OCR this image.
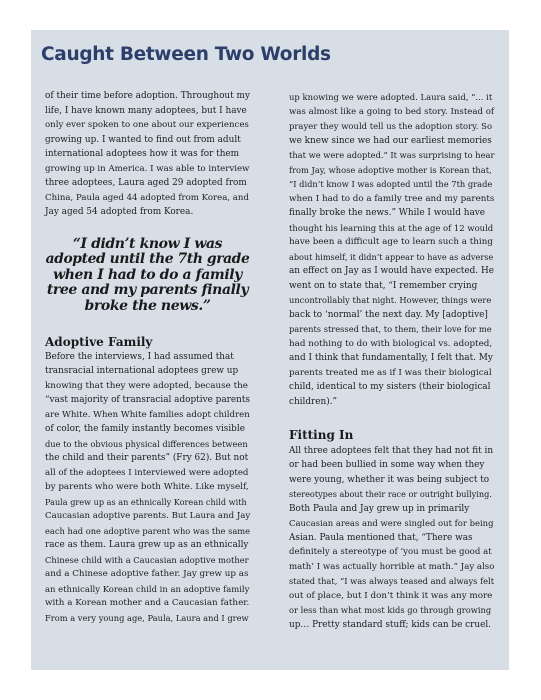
Caught Between Two Worlds

of their time before adoption. Throughout my
life, I have known many adoptees, but I have
only ever spoken to one about our experiences
growing up. I wanted to find out from adult
international adoptees how it was for them
growing up in America. I was able to interview
three adoptees, Laura aged 29 adopted from
China, Paula aged 44 adopted from Korea, and
Jay aged 54 adopted from Korea.

“I didn’t know I was
adopted until the 7th grade
when I had to do a family
tree and my parents finally
broke the news.”
Adoptive Family

Before the interviews, I had assumed that
transracial international adoptees grew up
knowing that they were adopted, because the
“vast majority of transracial adoptive parents
are White. When White families adopt children
of color, the family instantly becomes visible
due to the obvious physical differences between
the child and their parents” (Fry 62). But not
all of the adoptees I interviewed were adopted
by parents who were both White. Like myself,
Paula grew up as an ethnically Korean child with
Caucasian adoptive parents. But Laura and Jay
each had one adoptive parent who was the same
race as them. Laura grew up as an ethnically
Chinese child with a Caucasian adoptive mother
and a Chinese adoptive father. Jay grew up as
an ethnically Korean child in an adoptive family
with a Korean mother and a Caucasian father.
From a very young age, Paula, Laura and I grew

up knowing we were adopted. Laura said, “... it
was almost like a going to bed story. Instead of
prayer they would tell us the adoption story. So
we knew since we had our earliest memories
that we were adopted.” It was surprising to hear
from Jay, whose adoptive mother is Korean that,
“I didn’t know I was adopted until the 7th grade
when I had to do a family tree and my parents
finally broke the news.” While I would have
thought his learning this at the age of 12 would
have been a difficult age to learn such a thing
about himself, it didn’t appear to have as adverse
an effect on Jay as I would have expected. He
went on to state that, “I remember crying
uncontrollably that night. However, things were
back to ‘normal’ the next day. My [adoptive]
parents stressed that, to them, their love for me
had nothing to do with biological vs. adopted,
and I think that fundamentally, I felt that. My
parents treated me as if I was their biological
child, identical to my sisters (their biological
children).”

Fitting In

All three adoptees felt that they had not fit in
or had been bullied in some way when they
were young, whether it was being subject to
stereotypes about their race or outright bullying.
Both Paula and Jay grew up in primarily
Caucasian areas and were singled out for being
Asian. Paula mentioned that, “There was
definitely a stereotype of ‘you must be good at
math’ I was actually horrible at math.” Jay also
stated that, “I was always teased and always felt
out of place, but I don’t think it was any more
or less than what most kids go through growing
up… Pretty standard stuff; kids can be cruel.
